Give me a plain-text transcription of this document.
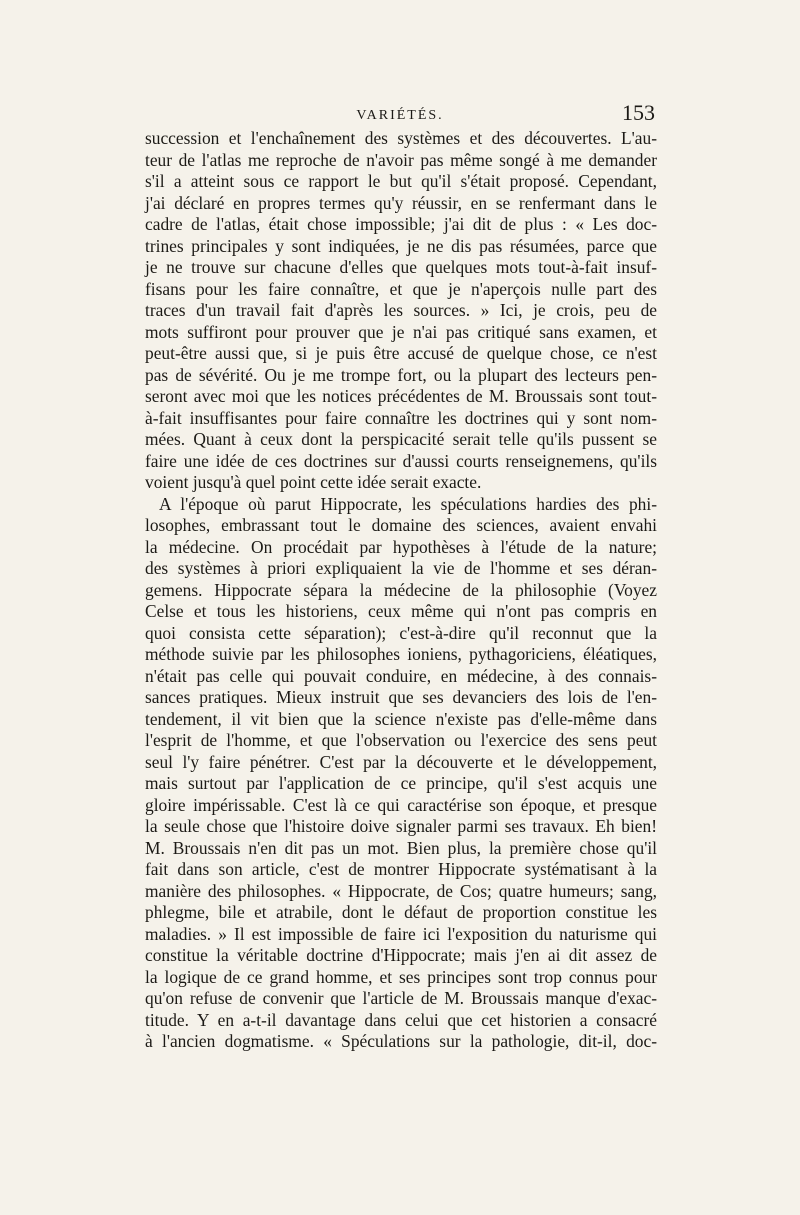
VARIÉTÉS.	153
succession et l'enchaînement des systèmes et des découvertes. L'au-
teur de l'atlas me reproche de n'avoir pas même songé à me demander
s'il a atteint sous ce rapport le but qu'il s'était proposé. Cependant,
j'ai déclaré en propres termes qu'y réussir, en se renfermant dans le
cadre de l'atlas, était chose impossible; j'ai dit de plus : « Les doc-
trines principales y sont indiquées, je ne dis pas résumées, parce que
je ne trouve sur chacune d'elles que quelques mots tout-à-fait insuf-
fisans pour les faire connaître, et que je n'aperçois nulle part des
traces d'un travail fait d'après les sources. » Ici, je crois, peu de
mots suffiront pour prouver que je n'ai pas critiqué sans examen, et
peut-être aussi que, si je puis être accusé de quelque chose, ce n'est
pas de sévérité. Ou je me trompe fort, ou la plupart des lecteurs pen-
seront avec moi que les notices précédentes de M. Broussais sont tout-
à-fait insuffisantes pour faire connaître les doctrines qui y sont nom-
mées. Quant à ceux dont la perspicacité serait telle qu'ils pussent se
faire une idée de ces doctrines sur d'aussi courts renseignemens, qu'ils
voient jusqu'à quel point cette idée serait exacte.
A l'époque où parut Hippocrate, les spéculations hardies des phi-
losophes, embrassant tout le domaine des sciences, avaient envahi
la médecine. On procédait par hypothèses à l'étude de la nature;
des systèmes à priori expliquaient la vie de l'homme et ses déran-
gemens. Hippocrate sépara la médecine de la philosophie (Voyez
Celse et tous les historiens, ceux même qui n'ont pas compris en
quoi consista cette séparation); c'est-à-dire qu'il reconnut que la
méthode suivie par les philosophes ioniens, pythagoriciens, éléatiques,
n'était pas celle qui pouvait conduire, en médecine, à des connais-
sances pratiques. Mieux instruit que ses devanciers des lois de l'en-
tendement, il vit bien que la science n'existe pas d'elle-même dans
l'esprit de l'homme, et que l'observation ou l'exercice des sens peut
seul l'y faire pénétrer. C'est par la découverte et le développement,
mais surtout par l'application de ce principe, qu'il s'est acquis une
gloire impérissable. C'est là ce qui caractérise son époque, et presque
la seule chose que l'histoire doive signaler parmi ses travaux. Eh bien!
M. Broussais n'en dit pas un mot. Bien plus, la première chose qu'il
fait dans son article, c'est de montrer Hippocrate systématisant à la
manière des philosophes. « Hippocrate, de Cos; quatre humeurs; sang,
phlegme, bile et atrabile, dont le défaut de proportion constitue les
maladies. » Il est impossible de faire ici l'exposition du naturisme qui
constitue la véritable doctrine d'Hippocrate; mais j'en ai dit assez de
la logique de ce grand homme, et ses principes sont trop connus pour
qu'on refuse de convenir que l'article de M. Broussais manque d'exac-
titude. Y en a-t-il davantage dans celui que cet historien a consacré
à l'ancien dogmatisme. « Spéculations sur la pathologie, dit-il, doc-
